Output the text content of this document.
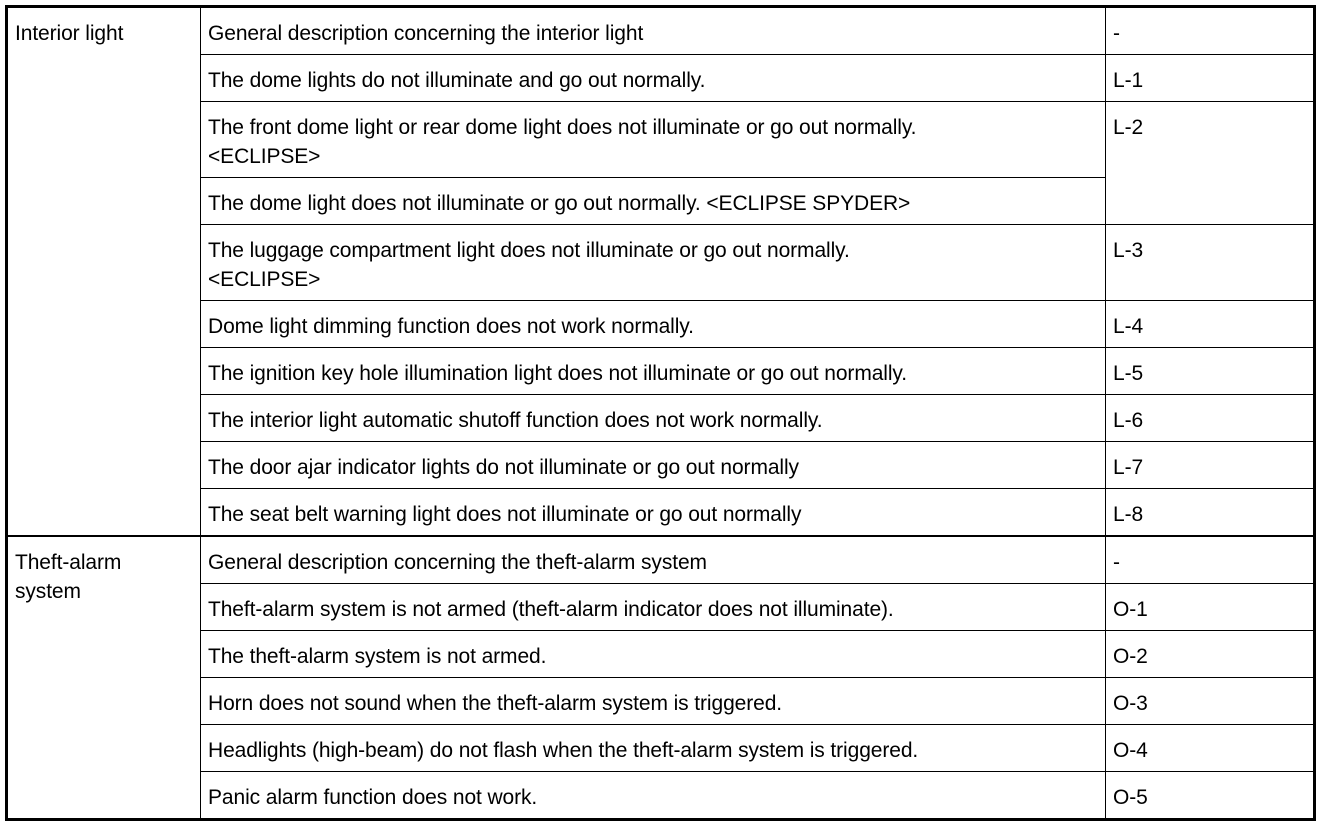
Interior light	General description concerning the interior light	-
	The dome lights do not illuminate and go out normally.	L-1
	The front dome light or rear dome light does not illuminate or go out normally.
<ECLIPSE>	L-2
	The dome light does not illuminate or go out normally. <ECLIPSE SPYDER>	
	The luggage compartment light does not illuminate or go out normally.
<ECLIPSE>	L-3
	Dome light dimming function does not work normally.	L-4
	The ignition key hole illumination light does not illuminate or go out normally.	L-5
	The interior light automatic shutoff function does not work normally.	L-6
	The door ajar indicator lights do not illuminate or go out normally	L-7
	The seat belt warning light does not illuminate or go out normally	L-8
Theft-alarm
system	General description concerning the theft-alarm system	-
	Theft-alarm system is not armed (theft-alarm indicator does not illuminate).	O-1
	The theft-alarm system is not armed.	O-2
	Horn does not sound when the theft-alarm system is triggered.	O-3
	Headlights (high-beam) do not flash when the theft-alarm system is triggered.	O-4
	Panic alarm function does not work.	O-5
